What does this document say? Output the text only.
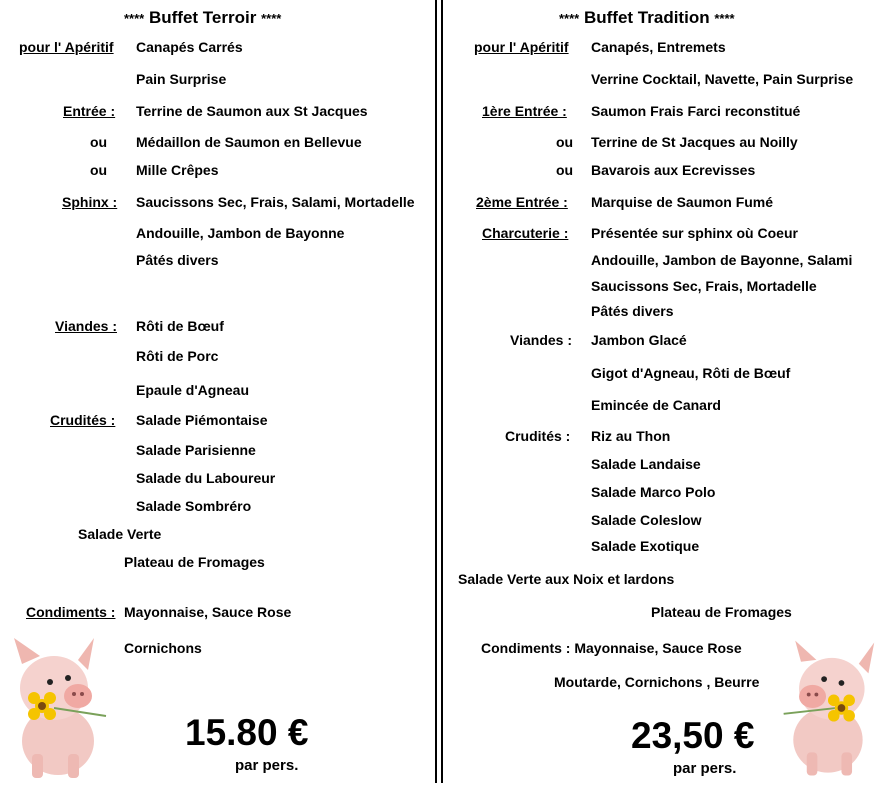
**** Buffet Terroir ****
pour l' Apéritif Canapés Carrés
Pain Surprise
Entrée : Terrine de Saumon aux St Jacques
ou Médaillon de Saumon en Bellevue
ou Mille Crêpes
Sphinx : Saucissons Sec, Frais, Salami, Mortadelle
Andouille, Jambon de Bayonne
Pâtés divers
Viandes : Rôti de Bœuf
Rôti de Porc
Epaule d'Agneau
Crudités : Salade Piémontaise
Salade Parisienne
Salade du Laboureur
Salade Sombréro
Salade Verte
Plateau de Fromages
Condiments : Mayonnaise, Sauce Rose
Cornichons
15.80 €
par pers.
**** Buffet Tradition ****
pour l' Apéritif Canapés, Entremets
Verrine Cocktail, Navette, Pain Surprise
1ère Entrée : Saumon Frais Farci reconstitué
ou Terrine de St Jacques au Noilly
ou Bavarois aux Ecrevisses
2ème Entrée : Marquise de Saumon Fumé
Charcuterie : Présentée sur sphinx où Coeur
Andouille, Jambon de Bayonne, Salami
Saucissons Sec, Frais, Mortadelle
Pâtés divers
Viandes : Jambon Glacé
Gigot d'Agneau, Rôti de Bœuf
Emincée de Canard
Crudités : Riz au Thon
Salade Landaise
Salade Marco Polo
Salade Coleslow
Salade Exotique
Salade Verte aux Noix et lardons
Plateau de Fromages
Condiments : Mayonnaise, Sauce Rose
Moutarde, Cornichons , Beurre
23,50 €
par pers.
